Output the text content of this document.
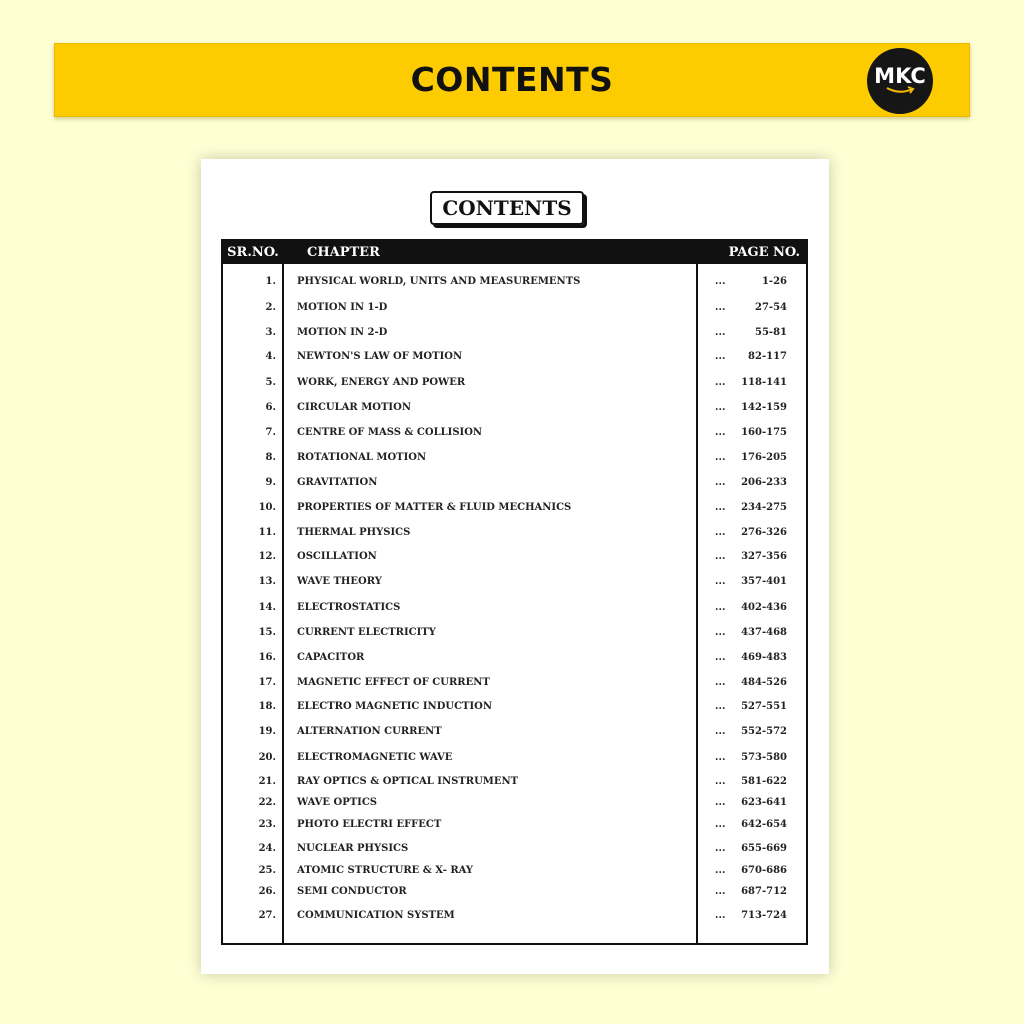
CONTENTS	MKC
CONTENTS
SR.NO.	CHAPTER	PAGE NO.
1. PHYSICAL WORLD, UNITS AND MEASUREMENTS	...	1-26
2. MOTION IN 1-D	...	27-54
3. MOTION IN 2-D	...	55-81
4. NEWTON'S LAW OF MOTION	... 82-117
5. WORK, ENERGY AND POWER	... 118-141
6. CIRCULAR MOTION	... 142-159
7. CENTRE OF MASS & COLLISION	... 160-175
8. ROTATIONAL MOTION	... 176-205
9. GRAVITATION	... 206-233
10. PROPERTIES OF MATTER & FLUID MECHANICS	... 234-275
11. THERMAL PHYSICS	... 276-326
12. OSCILLATION	... 327-356
13. WAVE THEORY	... 357-401
14. ELECTROSTATICS	... 402-436
15. CURRENT ELECTRICITY	... 437-468
16. CAPACITOR	... 469-483
17. MAGNETIC EFFECT OF CURRENT	... 484-526
18. ELECTRO MAGNETIC INDUCTION	... 527-551
19. ALTERNATION CURRENT	... 552-572
20. ELECTROMAGNETIC WAVE	... 573-580
21. RAY OPTICS & OPTICAL INSTRUMENT	... 581-622
22. WAVE OPTICS	... 623-641
23. PHOTO ELECTRI EFFECT	... 642-654
24. NUCLEAR PHYSICS	... 655-669
25. ATOMIC STRUCTURE & X- RAY	... 670-686
26. SEMI CONDUCTOR	... 687-712
27. COMMUNICATION SYSTEM	... 713-724
